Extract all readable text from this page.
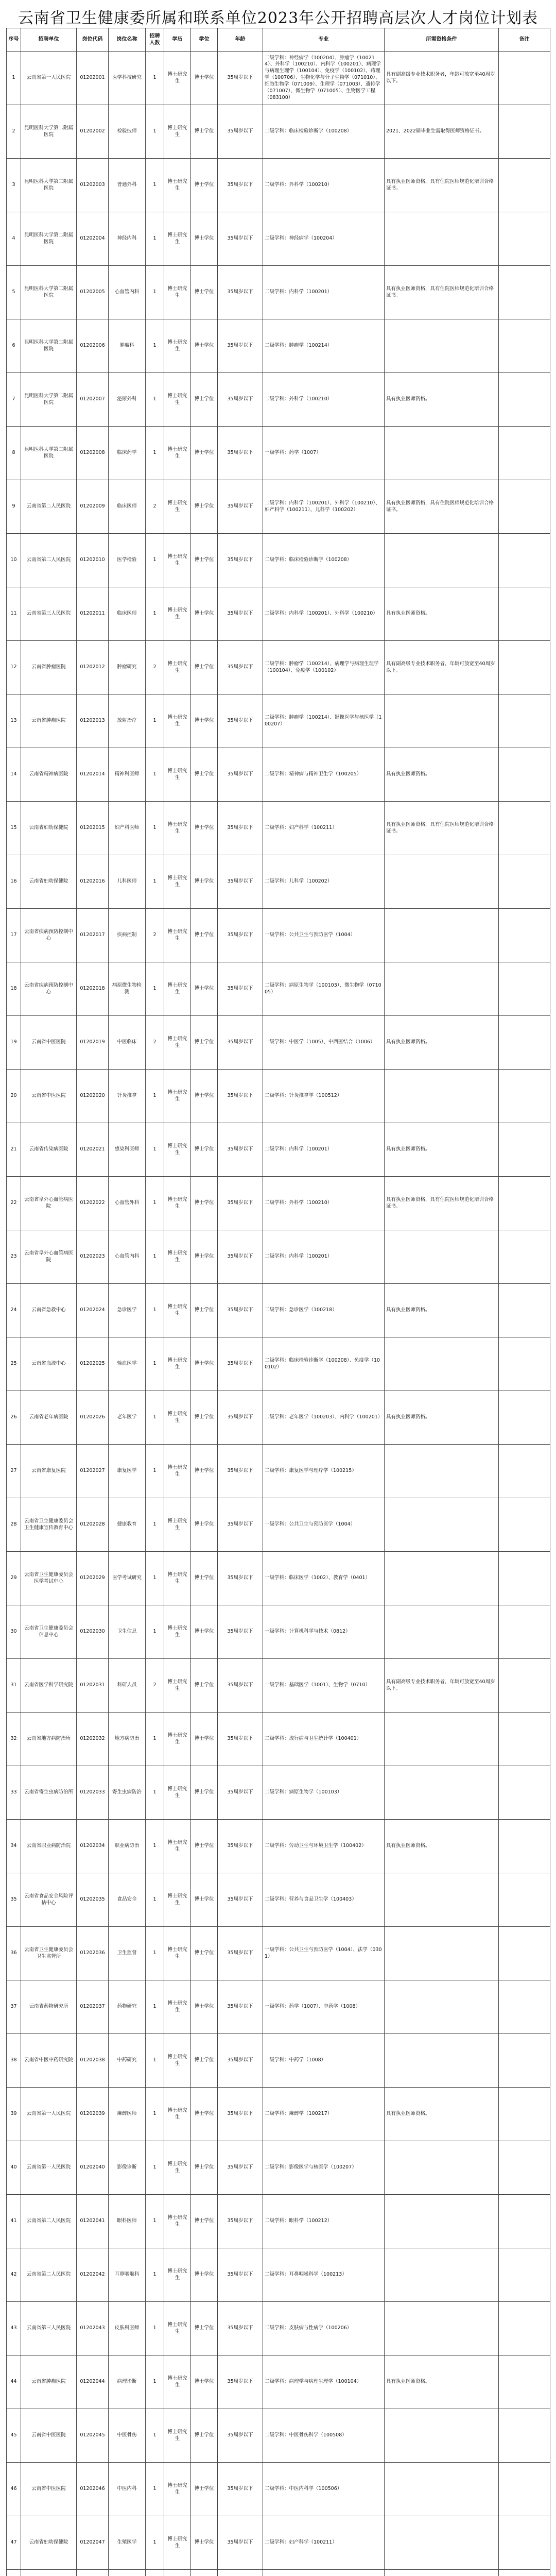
云南省卫生健康委所属和联系单位2023年公开招聘高层次人才岗位计划表
序号	招聘单位	岗位代码	岗位名称	招聘人数	学历	学位	年龄	专业	所需资格条件	备注
1	云南省第一人民医院	01202001	医学科技研究	1	博士研究生	博士学位	35周岁以下	二级学科：神经病学（100204）、肿瘤学（100214）、外科学（100210）、内科学（100201）、病理学与病理生理学（100104）、免疫学（100102）、药理学（100706）、生物化学与分子生物学（071010）、细胞生物学（071009）、生理学（071003）、遗传学（071007）、微生物学（071005）、生物医学工程（083100）	具有副高级专业技术职务者，年龄可放宽至40周岁以下。	
2	昆明医科大学第二附属医院	01202002	检验技师	1	博士研究生	博士学位	35周岁以下	二级学科：临床检验诊断学（100208）	2021、2022届毕业生需取得医师资格证书。	
3	昆明医科大学第二附属医院	01202003	普通外科	1	博士研究生	博士学位	35周岁以下	二级学科：外科学（100210）	具有执业医师资格，具有住院医师规范化培训合格证书。	
4	昆明医科大学第二附属医院	01202004	神经内科	1	博士研究生	博士学位	35周岁以下	二级学科：神经病学（100204）		
5	昆明医科大学第二附属医院	01202005	心血管内科	1	博士研究生	博士学位	35周岁以下	二级学科：内科学（100201）	具有执业医师资格，具有住院医师规范化培训合格证书。	
6	昆明医科大学第二附属医院	01202006	肿瘤科	1	博士研究生	博士学位	35周岁以下	二级学科：肿瘤学（100214）		
7	昆明医科大学第二附属医院	01202007	泌尿外科	1	博士研究生	博士学位	35周岁以下	二级学科：外科学（100210）	具有执业医师资格。	
8	昆明医科大学第二附属医院	01202008	临床药学	1	博士研究生	博士学位	35周岁以下	一级学科：药学（1007）		
9	云南省第二人民医院	01202009	临床医师	2	博士研究生	博士学位	35周岁以下	二级学科：内科学（100201）、外科学（100210）、妇产科学（100211）、儿科学（100202）	具有执业医师资格，具有住院医师规范化培训合格证书。	
10	云南省第二人民医院	01202010	医学检验	1	博士研究生	博士学位	35周岁以下	二级学科：临床检验诊断学（100208）		
11	云南省第三人民医院	01202011	临床医师	1	博士研究生	博士学位	35周岁以下	二级学科：内科学（100201）、外科学（100210）	具有执业医师资格。	
12	云南省肿瘤医院	01202012	肿瘤研究	2	博士研究生	博士学位	35周岁以下	二级学科：肿瘤学（100214）、病理学与病理生理学（100104）、免疫学（100102）	具有副高级专业技术职务者，年龄可放宽至40周岁以下。	
13	云南省肿瘤医院	01202013	放射治疗	1	博士研究生	博士学位	35周岁以下	二级学科：肿瘤学（100214）、影像医学与核医学（100207）		
14	云南省精神病医院	01202014	精神科医师	1	博士研究生	博士学位	35周岁以下	二级学科：精神病与精神卫生学（100205）	具有执业医师资格。	
15	云南省妇幼保健院	01202015	妇产科医师	1	博士研究生	博士学位	35周岁以下	二级学科：妇产科学（100211）	具有执业医师资格，具有住院医师规范化培训合格证书。	
16	云南省妇幼保健院	01202016	儿科医师	1	博士研究生	博士学位	35周岁以下	二级学科：儿科学（100202）		
17	云南省疾病预防控制中心	01202017	疾病控制	2	博士研究生	博士学位	35周岁以下	一级学科：公共卫生与预防医学（1004）		
18	云南省疾病预防控制中心	01202018	病原微生物检测	1	博士研究生	博士学位	35周岁以下	二级学科：病原生物学（100103）、微生物学（071005）		
19	云南省中医医院	01202019	中医临床	2	博士研究生	博士学位	35周岁以下	一级学科：中医学（1005）、中西医结合（1006）	具有执业医师资格。	
20	云南省中医医院	01202020	针灸推拿	1	博士研究生	博士学位	35周岁以下	二级学科：针灸推拿学（100512）		
21	云南省传染病医院	01202021	感染科医师	1	博士研究生	博士学位	35周岁以下	二级学科：内科学（100201）	具有执业医师资格。	
22	云南省阜外心血管病医院	01202022	心血管外科	1	博士研究生	博士学位	35周岁以下	二级学科：外科学（100210）	具有执业医师资格，具有住院医师规范化培训合格证书。	
23	云南省阜外心血管病医院	01202023	心血管内科	1	博士研究生	博士学位	35周岁以下	二级学科：内科学（100201）		
24	云南省急救中心	01202024	急诊医学	1	博士研究生	博士学位	35周岁以下	二级学科：急诊医学（100218）	具有执业医师资格。	
25	云南省血液中心	01202025	输血医学	1	博士研究生	博士学位	35周岁以下	二级学科：临床检验诊断学（100208）、免疫学（100102）		
26	云南省老年病医院	01202026	老年医学	1	博士研究生	博士学位	35周岁以下	二级学科：老年医学（100203）、内科学（100201）	具有执业医师资格。	
27	云南省康复医院	01202027	康复医学	1	博士研究生	博士学位	35周岁以下	二级学科：康复医学与理疗学（100215）		
28	云南省卫生健康委员会卫生健康宣传教育中心	01202028	健康教育	1	博士研究生	博士学位	35周岁以下	一级学科：公共卫生与预防医学（1004）		
29	云南省卫生健康委员会医学考试中心	01202029	医学考试研究	1	博士研究生	博士学位	35周岁以下	一级学科：临床医学（1002）、教育学（0401）		
30	云南省卫生健康委员会信息中心	01202030	卫生信息	1	博士研究生	博士学位	35周岁以下	一级学科：计算机科学与技术（0812）		
31	云南省医学科学研究院	01202031	科研人员	2	博士研究生	博士学位	35周岁以下	一级学科：基础医学（1001）、生物学（0710）	具有副高级专业技术职务者，年龄可放宽至40周岁以下。	
32	云南省地方病防治所	01202032	地方病防治	1	博士研究生	博士学位	35周岁以下	二级学科：流行病与卫生统计学（100401）		
33	云南省寄生虫病防治所	01202033	寄生虫病防治	1	博士研究生	博士学位	35周岁以下	二级学科：病原生物学（100103）		
34	云南省职业病防治院	01202034	职业病防治	1	博士研究生	博士学位	35周岁以下	二级学科：劳动卫生与环境卫生学（100402）	具有执业医师资格。	
35	云南省食品安全风险评估中心	01202035	食品安全	1	博士研究生	博士学位	35周岁以下	二级学科：营养与食品卫生学（100403）		
36	云南省卫生健康委员会卫生监督所	01202036	卫生监督	1	博士研究生	博士学位	35周岁以下	一级学科：公共卫生与预防医学（1004）、法学（0301）		
37	云南省药物研究所	01202037	药物研究	1	博士研究生	博士学位	35周岁以下	一级学科：药学（1007）、中药学（1008）		
38	云南省中医中药研究院	01202038	中药研究	1	博士研究生	博士学位	35周岁以下	一级学科：中药学（1008）		
39	云南省第一人民医院	01202039	麻醉医师	1	博士研究生	博士学位	35周岁以下	二级学科：麻醉学（100217）	具有执业医师资格。	
40	云南省第一人民医院	01202040	影像诊断	1	博士研究生	博士学位	35周岁以下	二级学科：影像医学与核医学（100207）		
41	云南省第二人民医院	01202041	眼科医师	1	博士研究生	博士学位	35周岁以下	二级学科：眼科学（100212）		
42	云南省第二人民医院	01202042	耳鼻咽喉科	1	博士研究生	博士学位	35周岁以下	二级学科：耳鼻咽喉科学（100213）		
43	云南省第三人民医院	01202043	皮肤科医师	1	博士研究生	博士学位	35周岁以下	二级学科：皮肤病与性病学（100206）		
44	云南省肿瘤医院	01202044	病理诊断	1	博士研究生	博士学位	35周岁以下	二级学科：病理学与病理生理学（100104）	具有执业医师资格。	
45	云南省中医医院	01202045	中医骨伤	1	博士研究生	博士学位	35周岁以下	二级学科：中医骨伤科学（100508）		
46	云南省中医医院	01202046	中医内科	1	博士研究生	博士学位	35周岁以下	二级学科：中医内科学（100506）		
47	云南省妇幼保健院	01202047	生殖医学	1	博士研究生	博士学位	35周岁以下	二级学科：妇产科学（100211）		
